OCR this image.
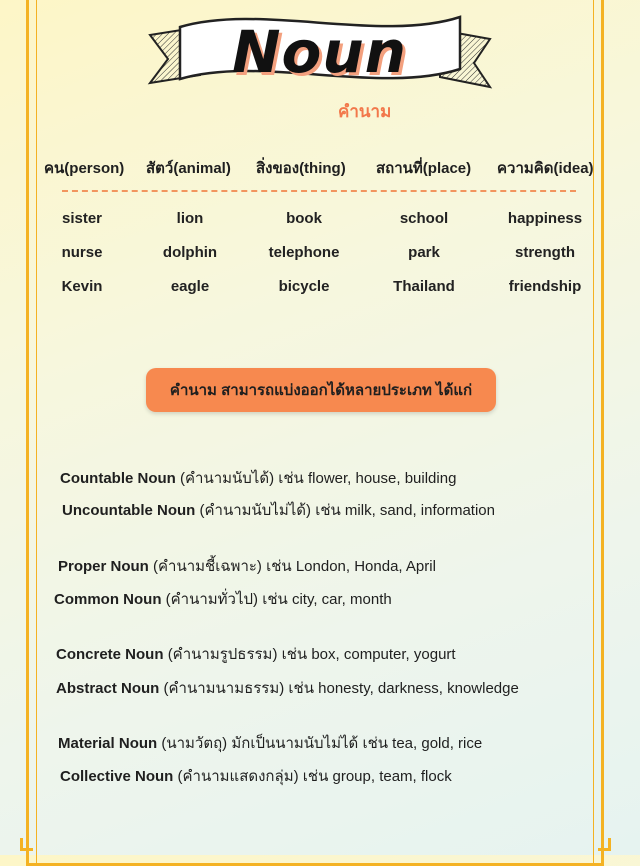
Noun
คำนาม
คน(person) สัตว์(animal) สิ่งของ(thing) สถานที่(place) ความคิด(idea)
sister	lion	book	school	happiness
nurse	dolphin	telephone	park	strength
Kevin	eagle	bicycle	Thailand	friendship
คำนาม สามารถแบ่งออกได้หลายประเภท ได้แก่
Countable Noun (คำนามนับได้) เช่น flower, house, building
Uncountable Noun (คำนามนับไม่ได้) เช่น milk, sand, information
Proper Noun (คำนามชี้เฉพาะ) เช่น London, Honda, April
Common Noun (คำนามทั่วไป) เช่น city, car, month
Concrete Noun (คำนามรูปธรรม) เช่น box, computer, yogurt
Abstract Noun (คำนามนามธรรม) เช่น honesty, darkness, knowledge
Material Noun (นามวัตถุ) มักเป็นนามนับไม่ได้ เช่น tea, gold, rice
Collective Noun (คำนามแสดงกลุ่ม) เช่น group, team, flock
